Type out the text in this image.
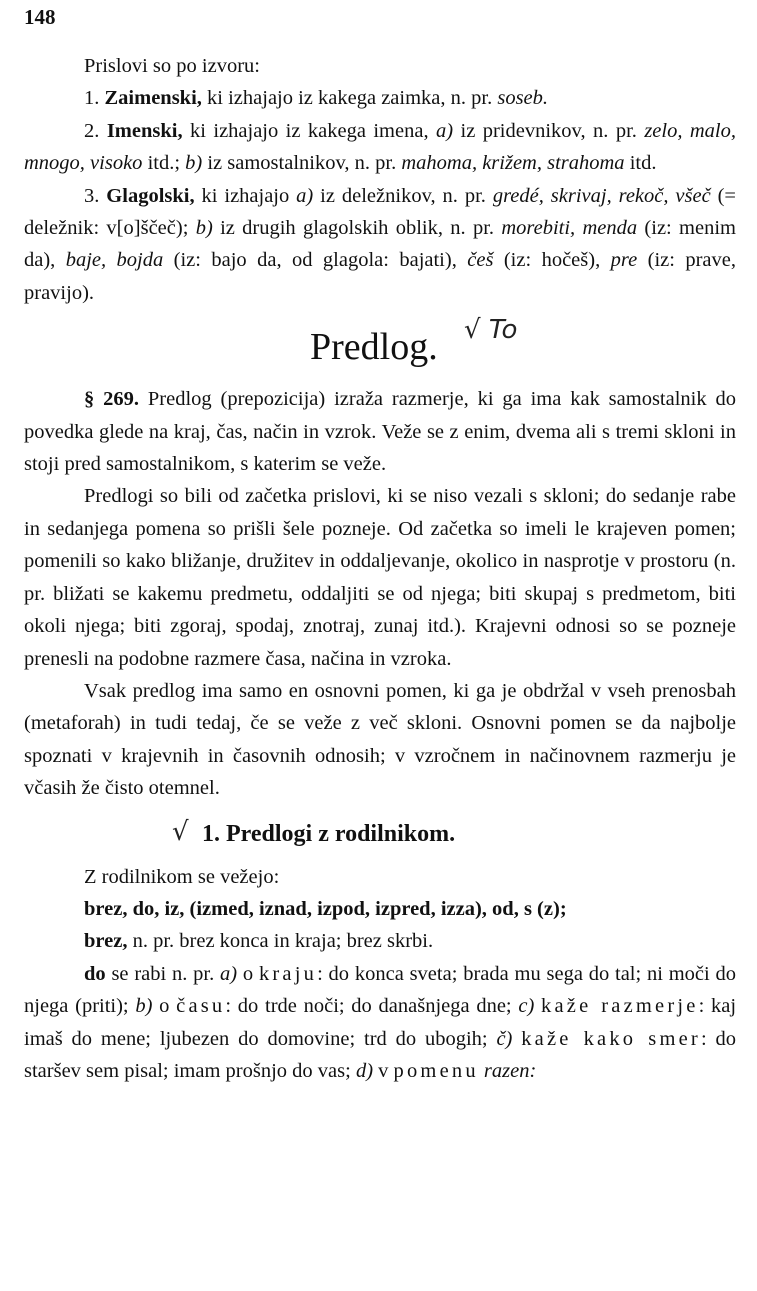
148

Prislovi so po izvoru:

1. Zaimenski, ki izhajajo iz kakega zaimka, n. pr. soseb.

2. Imenski, ki izhajajo iz kakega imena, a) iz pridevnikov, n. pr. zelo, malo, mnogo, visoko itd.; b) iz samostalnikov, n. pr. mahoma, križem, strahoma itd.

3. Glagolski, ki izhajajo a) iz deležnikov, n. pr. gredé, skrivaj, rekoč, všeč (= deležnik: v[o]ščeč); b) iz drugih glagolskih oblik, n. pr. morebiti, menda (iz: menim da), baje, bojda (iz: bajo da, od glagola: bajati), češ (iz: hočeš), pre (iz: prave, pravijo).

Predlog. √ To

§ 269. Predlog (prepozicija) izraža razmerje, ki ga ima kak samostalnik do povedka glede na kraj, čas, način in vzrok. Veže se z enim, dvema ali s tremi skloni in stoji pred samostalnikom, s katerim se veže.

Predlogi so bili od začetka prislovi, ki se niso vezali s skloni; do sedanje rabe in sedanjega pomena so prišli šele pozneje. Od začetka so imeli le krajeven pomen; pomenili so kako bližanje, družitev in oddaljevanje, okolico in nasprotje v prostoru (n. pr. bližati se kakemu predmetu, oddaljiti se od njega; biti skupaj s predmetom, biti okoli njega; biti zgoraj, spodaj, znotraj, zunaj itd.). Krajevni odnosi so se pozneje prenesli na podobne razmere časa, načina in vzroka.

Vsak predlog ima samo en osnovni pomen, ki ga je obdržal v vseh prenosbah (metaforah) in tudi tedaj, če se veže z več skloni. Osnovni pomen se da najbolje spoznati v krajevnih in časovnih odnosih; v vzročnem in načinovnem razmerju je včasih že čisto otemnel.

√ 1. Predlogi z rodilnikom.

Z rodilnikom se vežejo:

brez, do, iz, (izmed, iznad, izpod, izpred, izza), od, s (z);

brez, n. pr. brez konca in kraja; brez skrbi.

do se rabi n. pr. a) o kraju: do konca sveta; brada mu sega do tal; ni moči do njega (priti); b) o času: do trde noči; do današnjega dne; c) kaže razmerje: kaj imaš do mene; ljubezen do domovine; trd do ubogih; č) kaže kako smer: do staršev sem pisal; imam prošnjo do vas; d) v pomenu razen:
